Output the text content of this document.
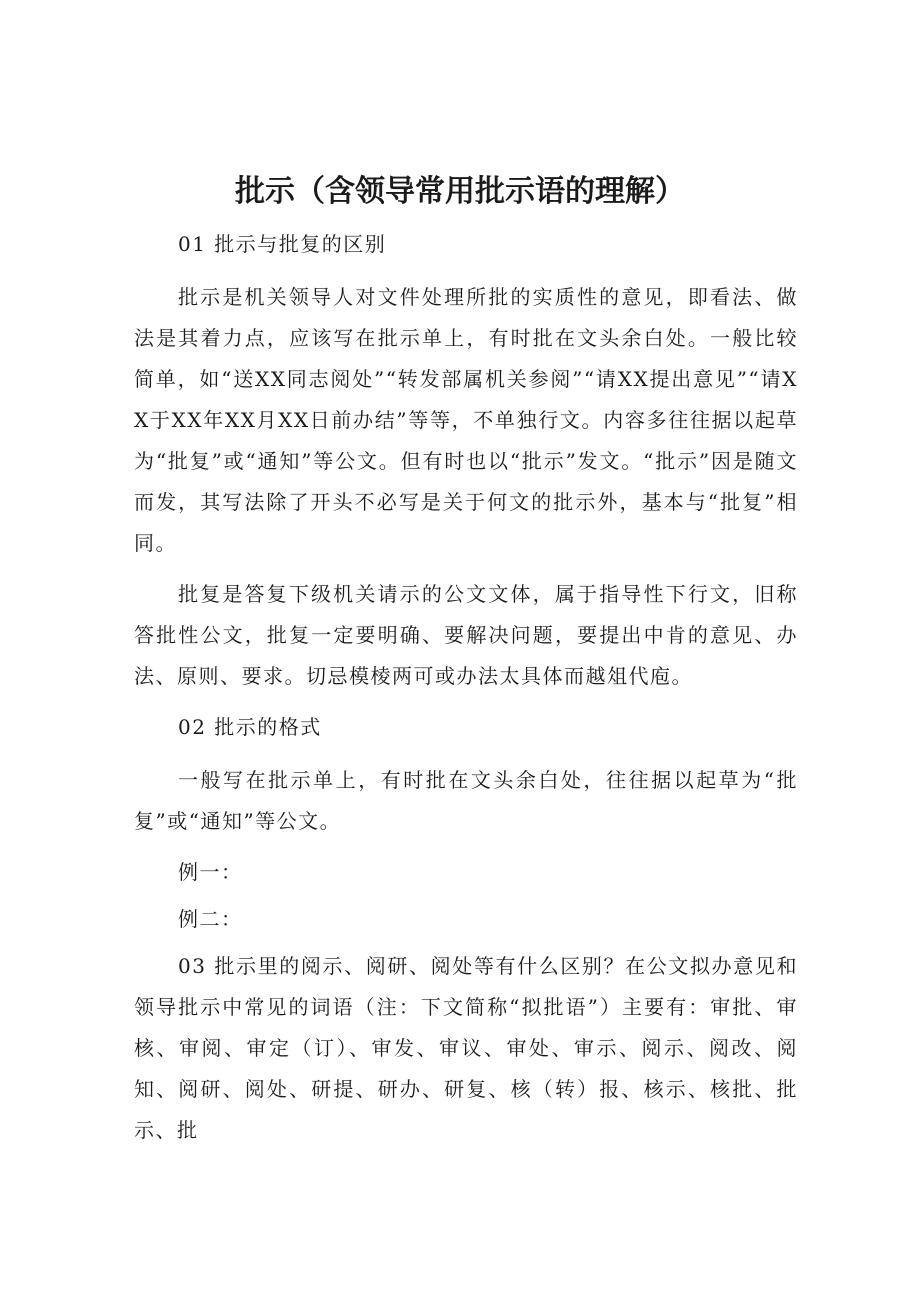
批示（含领导常用批示语的理解）

01 批示与批复的区别

批示是机关领导人对文件处理所批的实质性的意见，即看法、做法是其着力点，应该写在批示单上，有时批在文头余白处。一般比较简单，如“送XX同志阅处”“转发部属机关参阅”“请XX提出意见”“请XX于XX年XX月XX日前办结”等等，不单独行文。内容多往往据以起草为“批复”或“通知”等公文。但有时也以“批示”发文。“批示”因是随文而发，其写法除了开头不必写是关于何文的批示外，基本与“批复”相同。

批复是答复下级机关请示的公文文体，属于指导性下行文，旧称答批性公文，批复一定要明确、要解决问题，要提出中肯的意见、办法、原则、要求。切忌模棱两可或办法太具体而越俎代庖。

02 批示的格式

一般写在批示单上，有时批在文头余白处，往往据以起草为“批复”或“通知”等公文。

例一：

例二：

03 批示里的阅示、阅研、阅处等有什么区别？在公文拟办意见和领导批示中常见的词语（注：下文简称“拟批语”）主要有：审批、审核、审阅、审定（订）、审发、审议、审处、审示、阅示、阅改、阅知、阅研、阅处、研提、研办、研复、核（转）报、核示、核批、批示、批
